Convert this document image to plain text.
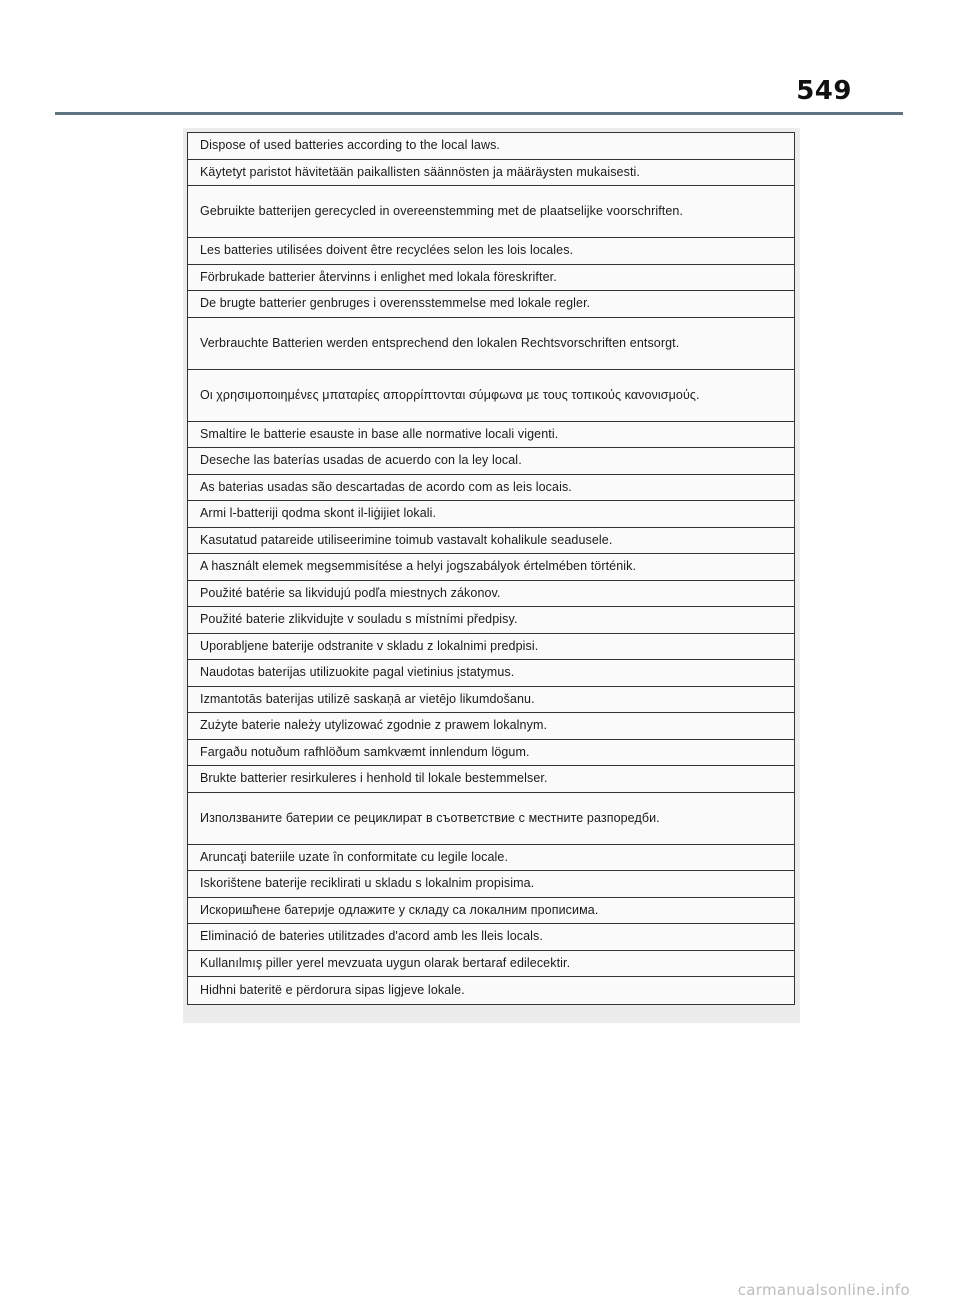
549
Dispose of used batteries according to the local laws.
Käytetyt paristot hävitetään paikallisten säännösten ja määräysten mukaisesti.
Gebruikte batterijen gerecycled in overeenstemming met de plaatselijke voorschriften.
Les batteries utilisées doivent être recyclées selon les lois locales.
Förbrukade batterier återvinns i enlighet med lokala föreskrifter.
De brugte batterier genbruges i overensstemmelse med lokale regler.
Verbrauchte Batterien werden entsprechend den lokalen Rechtsvorschriften entsorgt.
Οι χρησιμοποιημένες μπαταρίες απορρίπτονται σύμφωνα με τους τοπικούς κανονισμούς.
Smaltire le batterie esauste in base alle normative locali vigenti.
Deseche las baterías usadas de acuerdo con la ley local.
As baterias usadas são descartadas de acordo com as leis locais.
Armi l-batteriji qodma skont il-liġijiet lokali.
Kasutatud patareide utiliseerimine toimub vastavalt kohalikule seadusele.
A használt elemek megsemmisítése a helyi jogszabályok értelmében történik.
Použité batérie sa likvidujú podľa miestnych zákonov.
Použité baterie zlikvidujte v souladu s místními předpisy.
Uporabljene baterije odstranite v skladu z lokalnimi predpisi.
Naudotas baterijas utilizuokite pagal vietinius įstatymus.
Izmantotās baterijas utilizē saskaņā ar vietējo likumdošanu.
Zużyte baterie należy utylizować zgodnie z prawem lokalnym.
Fargaðu notuðum rafhlöðum samkvæmt innlendum lögum.
Brukte batterier resirkuleres i henhold til lokale bestemmelser.
Използваните батерии се рециклират в съответствие с местните разпоредби.
Aruncaţi bateriile uzate în conformitate cu legile locale.
Iskorištene baterije reciklirati u skladu s lokalnim propisima.
Искоришћене батерије одлажите у складу са локалним прописима.
Eliminació de bateries utilitzades d'acord amb les lleis locals.
Kullanılmış piller yerel mevzuata uygun olarak bertaraf edilecektir.
Hidhni bateritë e përdorura sipas ligjeve lokale.
carmanualsonline.info
